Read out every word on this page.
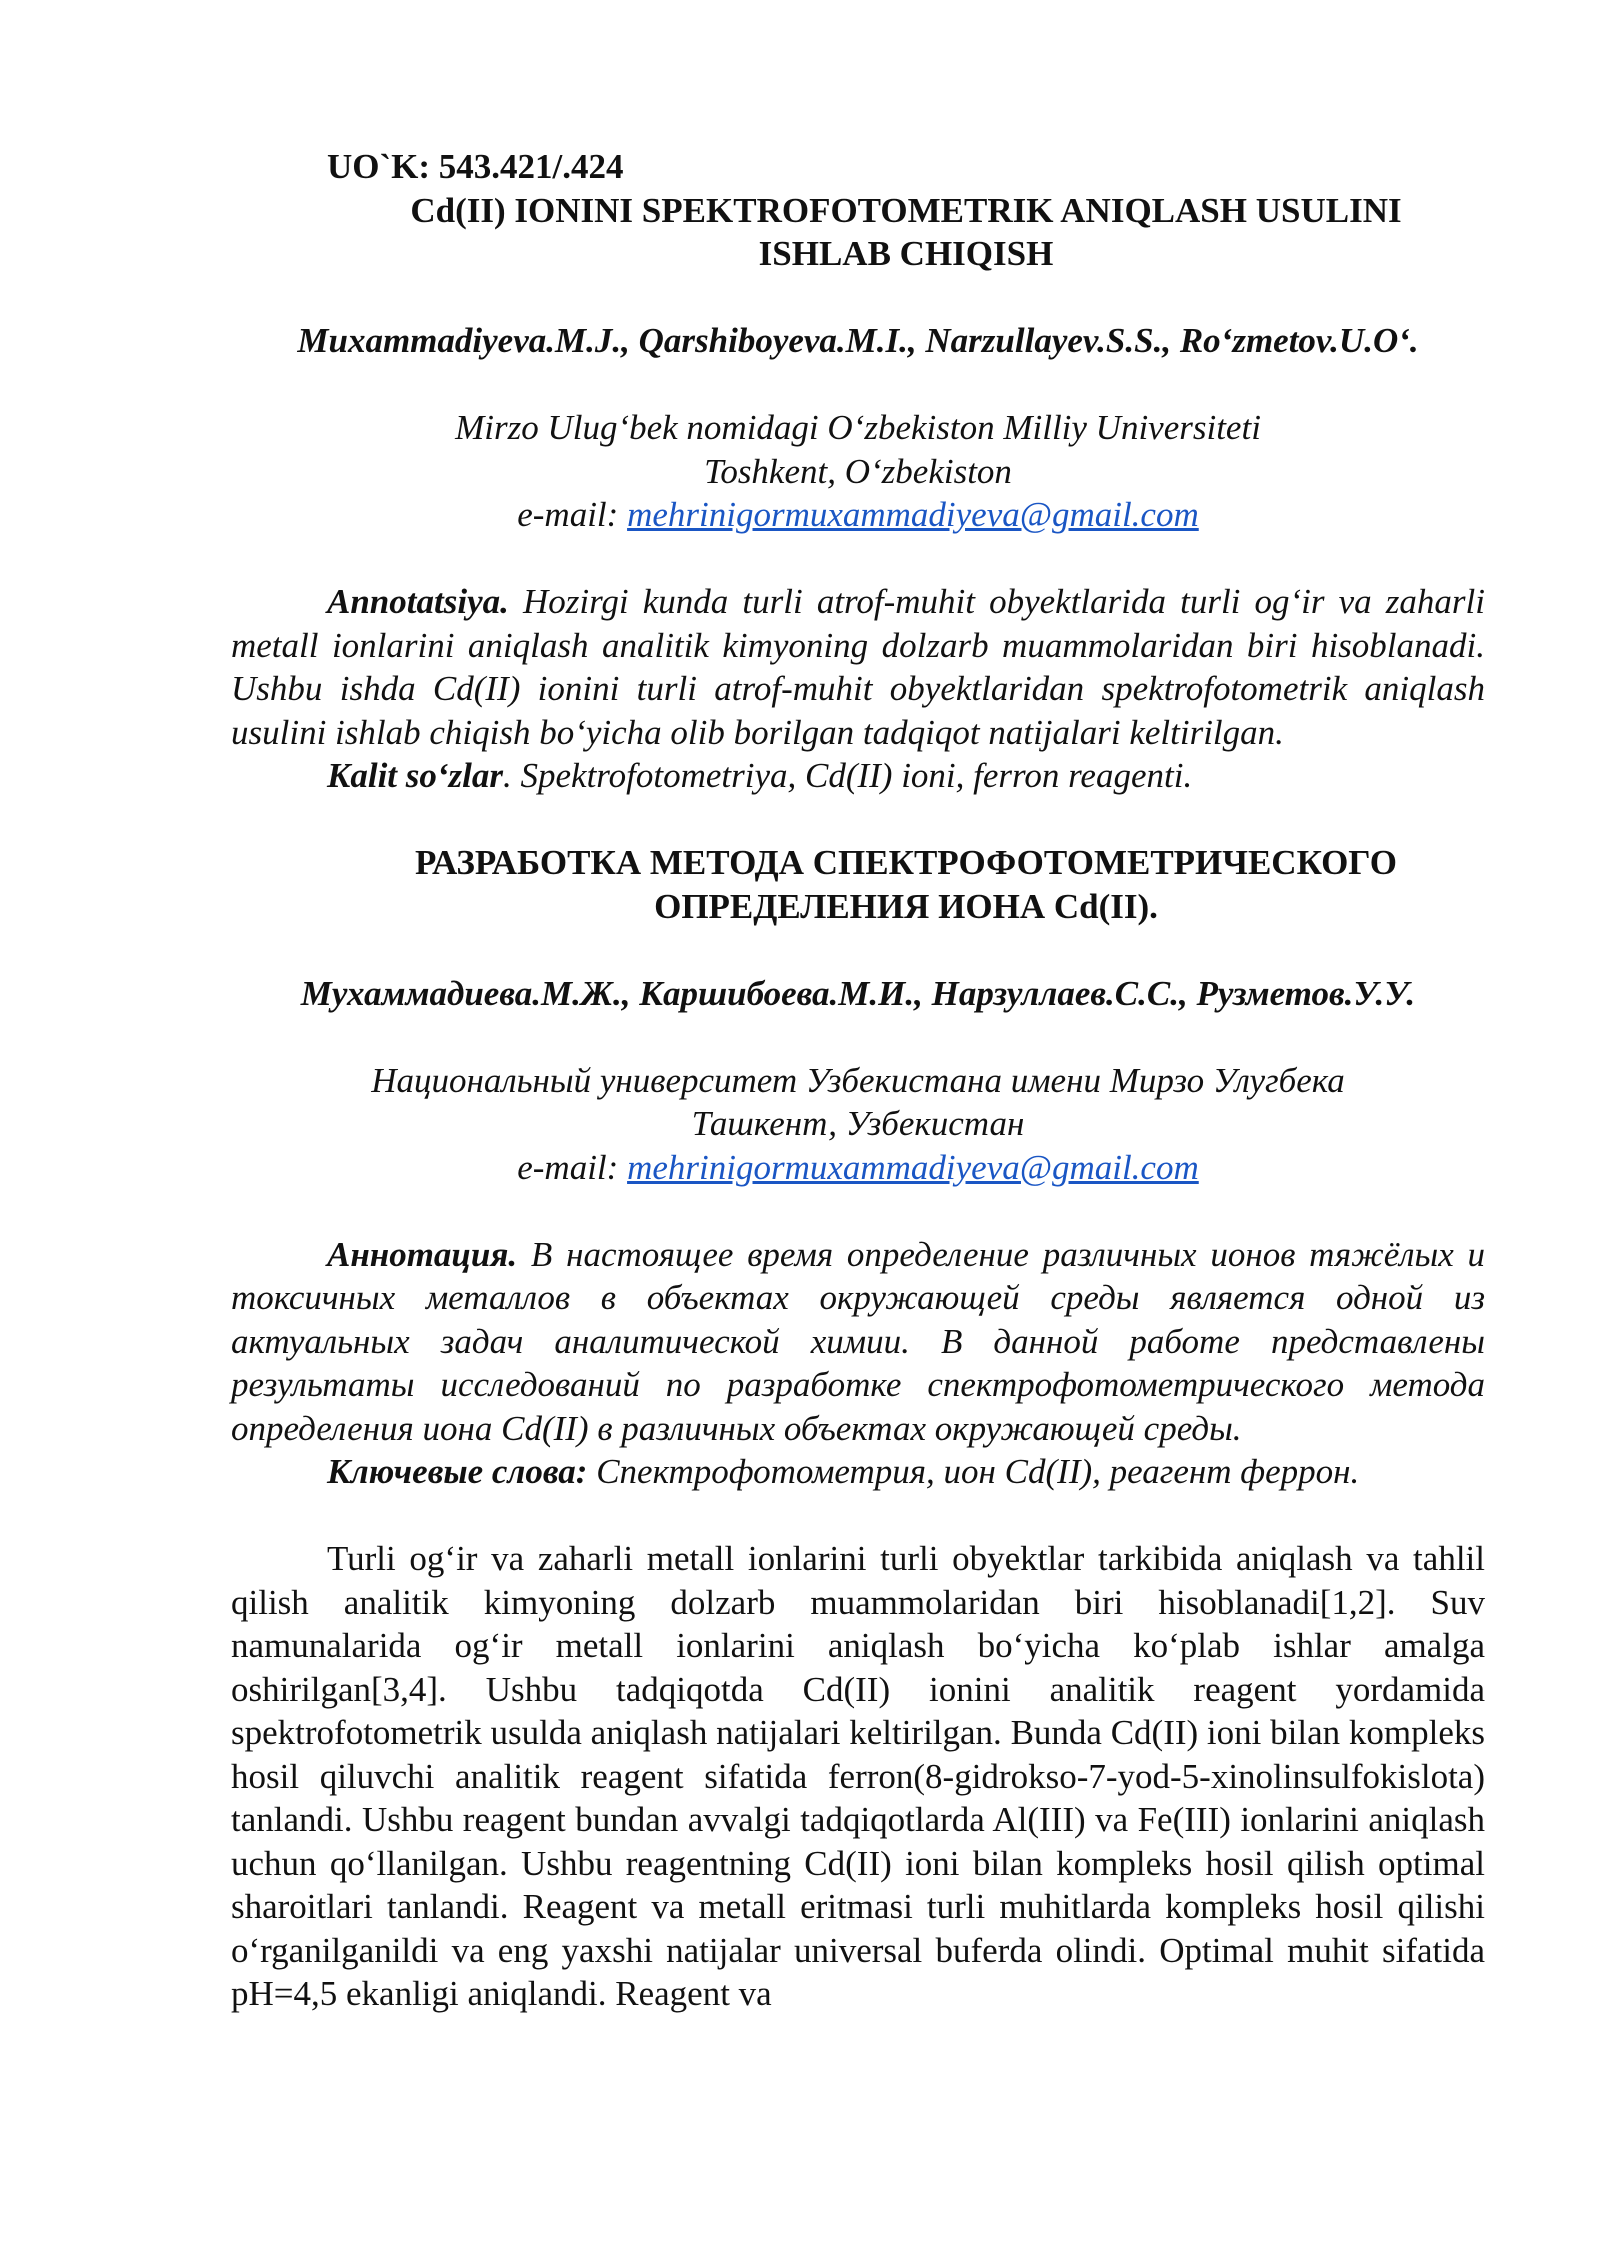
UO`K: 543.421/.424
Cd(II) IONINI SPEKTROFOTOMETRIK ANIQLASH USULINI
ISHLAB CHIQISH
Muxammadiyeva.M.J., Qarshiboyeva.M.I., Narzullayev.S.S., Ro‘zmetov.U.O‘.
Mirzo Ulug‘bek nomidagi O‘zbekiston Milliy Universiteti
Toshkent, O‘zbekiston
e-mail: mehrinigormuxammadiyeva@gmail.com
Annotatsiya. Hozirgi kunda turli atrof-muhit obyektlarida turli og‘ir va zaharli metall ionlarini aniqlash analitik kimyoning dolzarb muammolaridan biri hisoblanadi. Ushbu ishda Cd(II) ionini turli atrof-muhit obyektlaridan spektrofotometrik aniqlash usulini ishlab chiqish bo‘yicha olib borilgan tadqiqot natijalari keltirilgan.
Kalit so‘zlar. Spektrofotometriya, Cd(II) ioni, ferron reagenti.
РАЗРАБОТКА МЕТОДА СПЕКТРОФОТОМЕТРИЧЕСКОГО
ОПРЕДЕЛЕНИЯ ИОНА Cd(II).
Мухаммадиева.М.Ж., Каршибоева.М.И., Нарзуллаев.С.С., Рузметов.У.У.
Национальный университет Узбекистана имени Мирзо Улугбека
Ташкент, Узбекистан
e-mail: mehrinigormuxammadiyeva@gmail.com
Аннотация. В настоящее время определение различных ионов тяжёлых и токсичных металлов в объектах окружающей среды является одной из актуальных задач аналитической химии. В данной работе представлены результаты исследований по разработке спектрофотометрического метода определения иона Cd(II) в различных объектах окружающей среды.
Ключевые слова: Спектрофотометрия, ион Cd(II), реагент феррон.
Turli og‘ir va zaharli metall ionlarini turli obyektlar tarkibida aniqlash va tahlil qilish analitik kimyoning dolzarb muammolaridan biri hisoblanadi[1,2]. Suv namunalarida og‘ir metall ionlarini aniqlash bo‘yicha ko‘plab ishlar amalga oshirilgan[3,4]. Ushbu tadqiqotda Cd(II) ionini analitik reagent yordamida spektrofotometrik usulda aniqlash natijalari keltirilgan. Bunda Cd(II) ioni bilan kompleks hosil qiluvchi analitik reagent sifatida ferron(8-gidrokso-7-yod-5-xinolinsulfokislota) tanlandi. Ushbu reagent bundan avvalgi tadqiqotlarda Al(III) va Fe(III) ionlarini aniqlash uchun qo‘llanilgan. Ushbu reagentning Cd(II) ioni bilan kompleks hosil qilish optimal sharoitlari tanlandi. Reagent va metall eritmasi turli muhitlarda kompleks hosil qilishi o‘rganilganildi va eng yaxshi natijalar universal buferda olindi. Optimal muhit sifatida pH=4,5 ekanligi aniqlandi. Reagent va
